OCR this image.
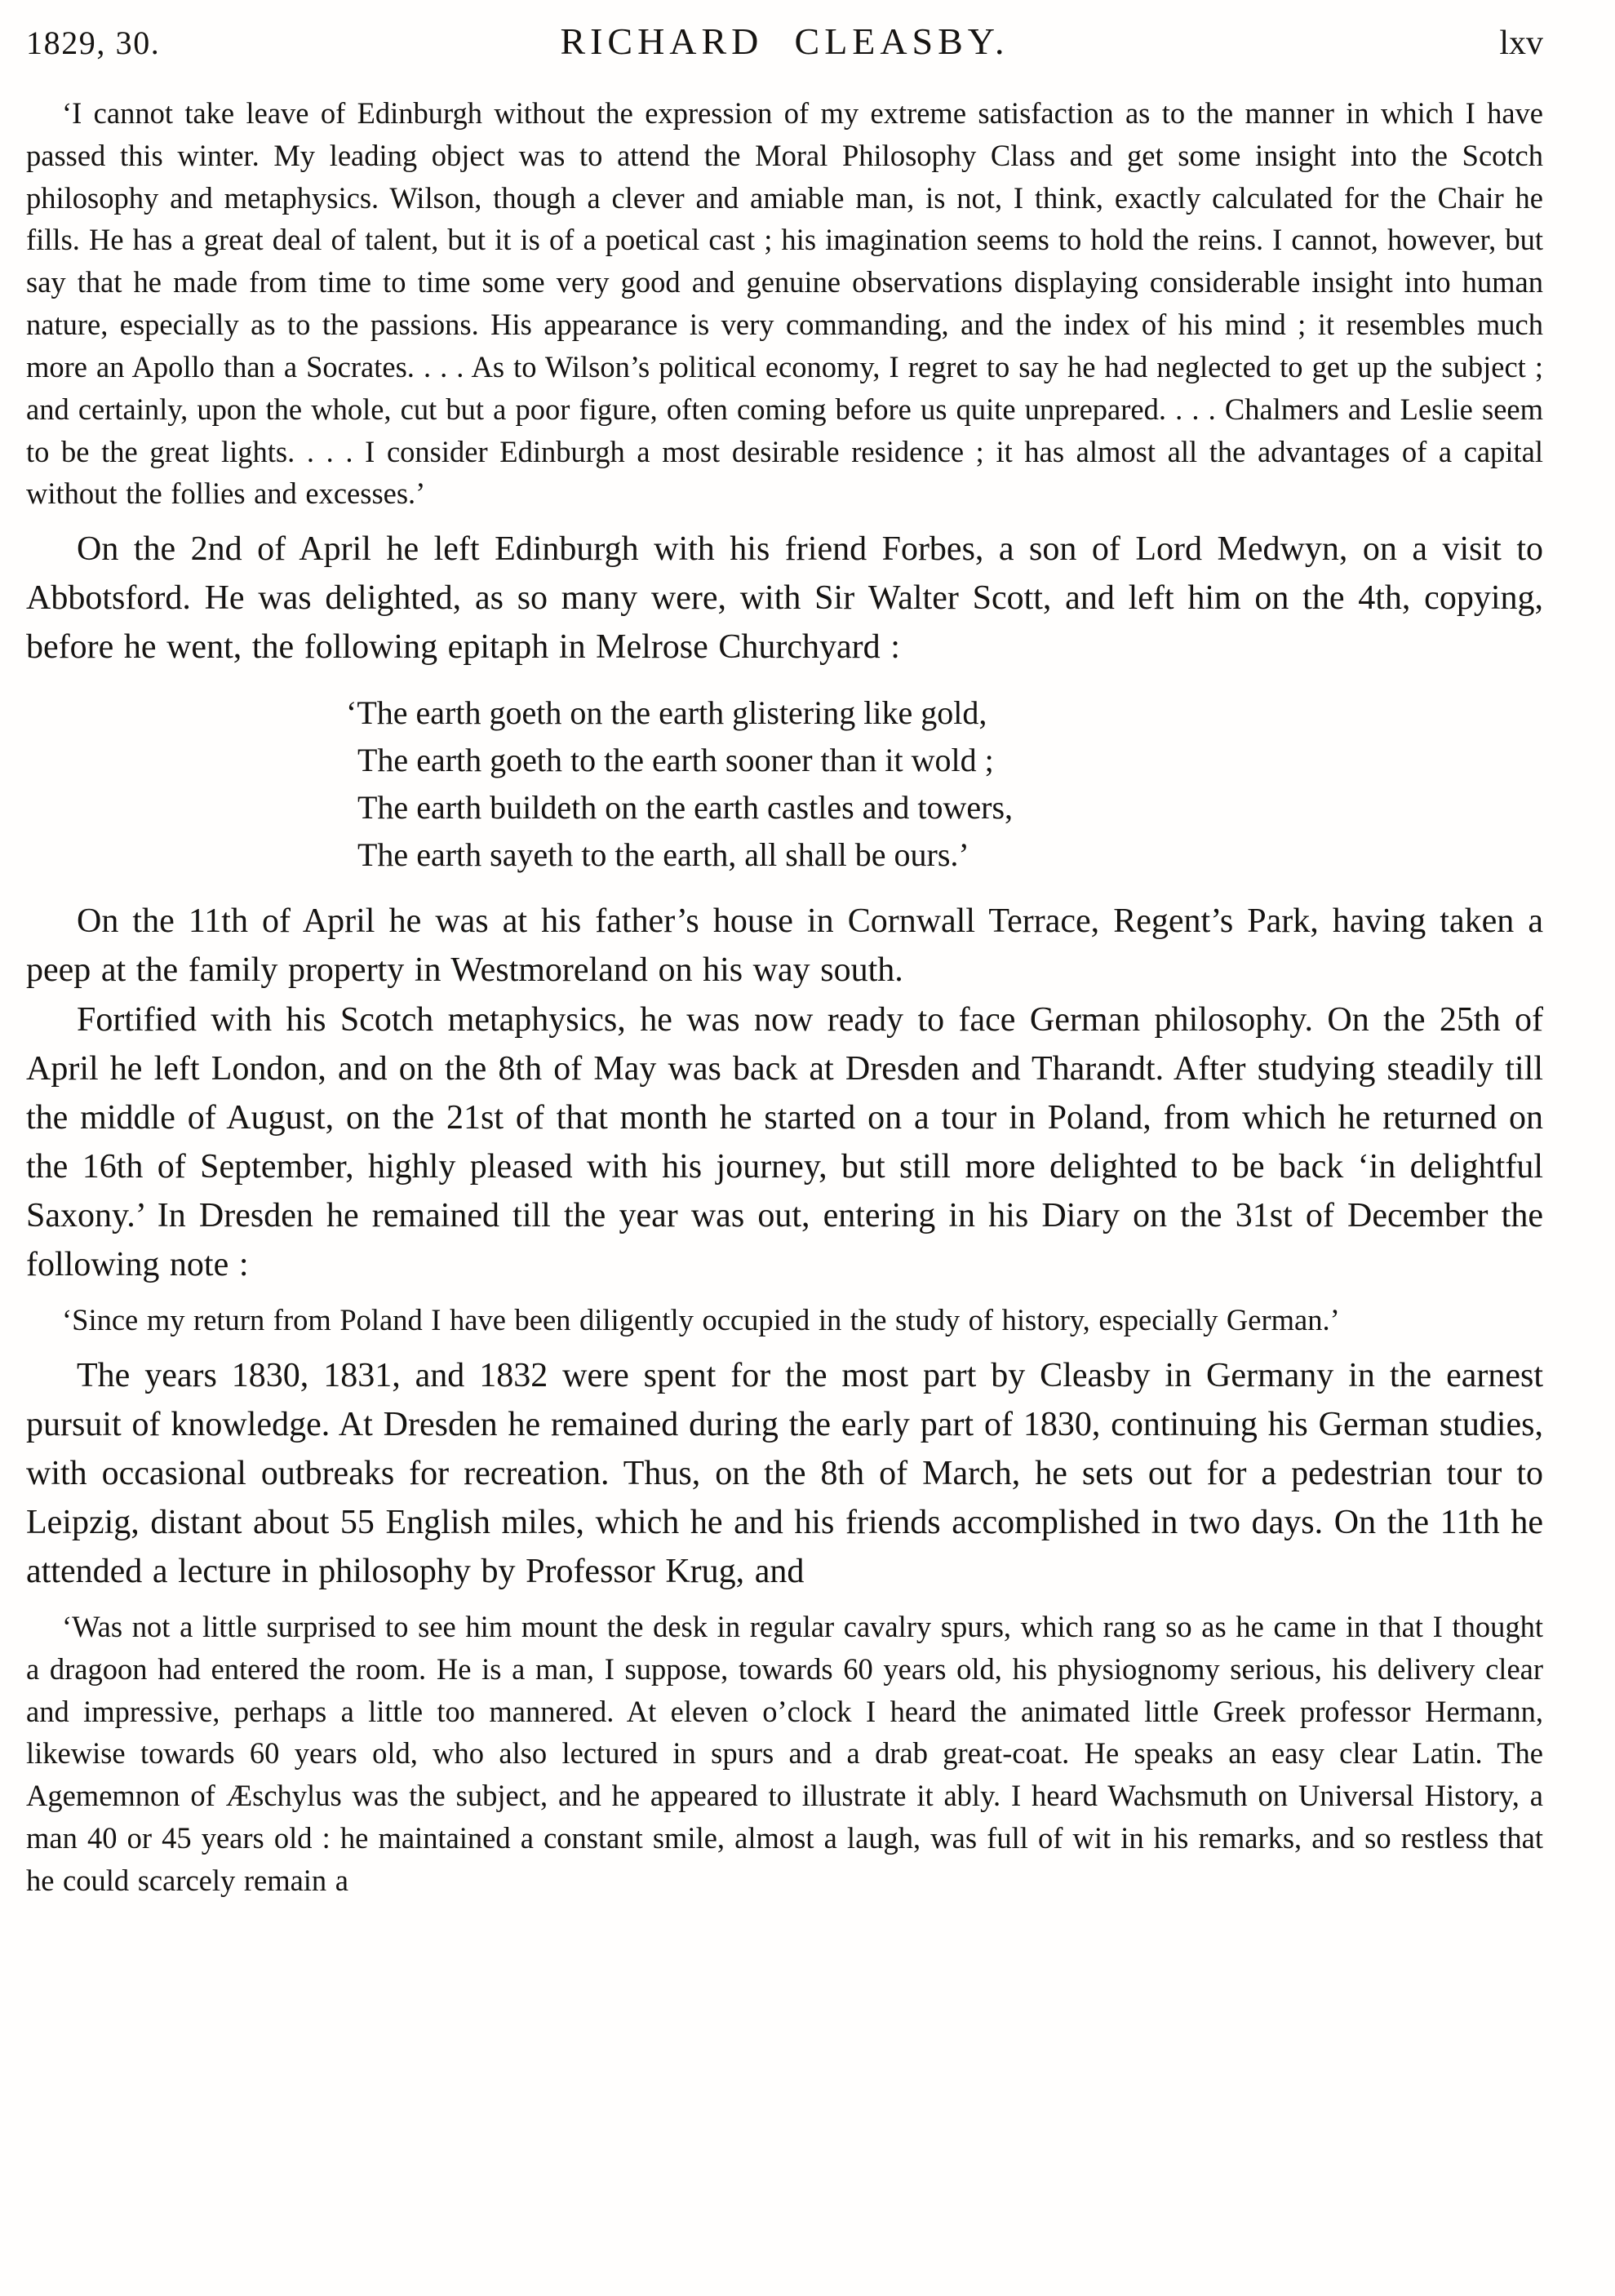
1829, 30.	RICHARD CLEASBY.	lxv

‘I cannot take leave of Edinburgh without the expression of my extreme satisfaction as to the manner in which I have passed this winter. My leading object was to attend the Moral Philosophy Class and get some insight into the Scotch philosophy and metaphysics. Wilson, though a clever and amiable man, is not, I think, exactly calculated for the Chair he fills. He has a great deal of talent, but it is of a poetical cast ; his imagination seems to hold the reins. I cannot, however, but say that he made from time to time some very good and genuine observations displaying considerable insight into human nature, especially as to the passions. His appearance is very commanding, and the index of his mind ; it resembles much more an Apollo than a Socrates. . . . As to Wilson’s political economy, I regret to say he had neglected to get up the subject ; and certainly, upon the whole, cut but a poor figure, often coming before us quite unprepared. . . . Chalmers and Leslie seem to be the great lights. . . . I consider Edinburgh a most desirable residence ; it has almost all the advantages of a capital without the follies and excesses.’

On the 2nd of April he left Edinburgh with his friend Forbes, a son of Lord Medwyn, on a visit to Abbotsford. He was delighted, as so many were, with Sir Walter Scott, and left him on the 4th, copying, before he went, the following epitaph in Melrose Churchyard :

‘The earth goeth on the earth glistering like gold,
The earth goeth to the earth sooner than it wold ;
The earth buildeth on the earth castles and towers,
The earth sayeth to the earth, all shall be ours.’

On the 11th of April he was at his father’s house in Cornwall Terrace, Regent’s Park, having taken a peep at the family property in Westmoreland on his way south.

Fortified with his Scotch metaphysics, he was now ready to face German philosophy. On the 25th of April he left London, and on the 8th of May was back at Dresden and Tharandt. After studying steadily till the middle of August, on the 21st of that month he started on a tour in Poland, from which he returned on the 16th of September, highly pleased with his journey, but still more delighted to be back ‘in delightful Saxony.’ In Dresden he remained till the year was out, entering in his Diary on the 31st of December the following note :

‘Since my return from Poland I have been diligently occupied in the study of history, especially German.’

The years 1830, 1831, and 1832 were spent for the most part by Cleasby in Germany in the earnest pursuit of knowledge. At Dresden he remained during the early part of 1830, continuing his German studies, with occasional outbreaks for recreation. Thus, on the 8th of March, he sets out for a pedestrian tour to Leipzig, distant about 55 English miles, which he and his friends accomplished in two days. On the 11th he attended a lecture in philosophy by Professor Krug, and

‘Was not a little surprised to see him mount the desk in regular cavalry spurs, which rang so as he came in that I thought a dragoon had entered the room. He is a man, I suppose, towards 60 years old, his physiognomy serious, his delivery clear and impressive, perhaps a little too mannered. At eleven o’clock I heard the animated little Greek professor Hermann, likewise towards 60 years old, who also lectured in spurs and a drab great-coat. He speaks an easy clear Latin. The Agememnon of Æschylus was the subject, and he appeared to illustrate it ably. I heard Wachsmuth on Universal History, a man 40 or 45 years old : he maintained a constant smile, almost a laugh, was full of wit in his remarks, and so restless that he could scarcely remain a
